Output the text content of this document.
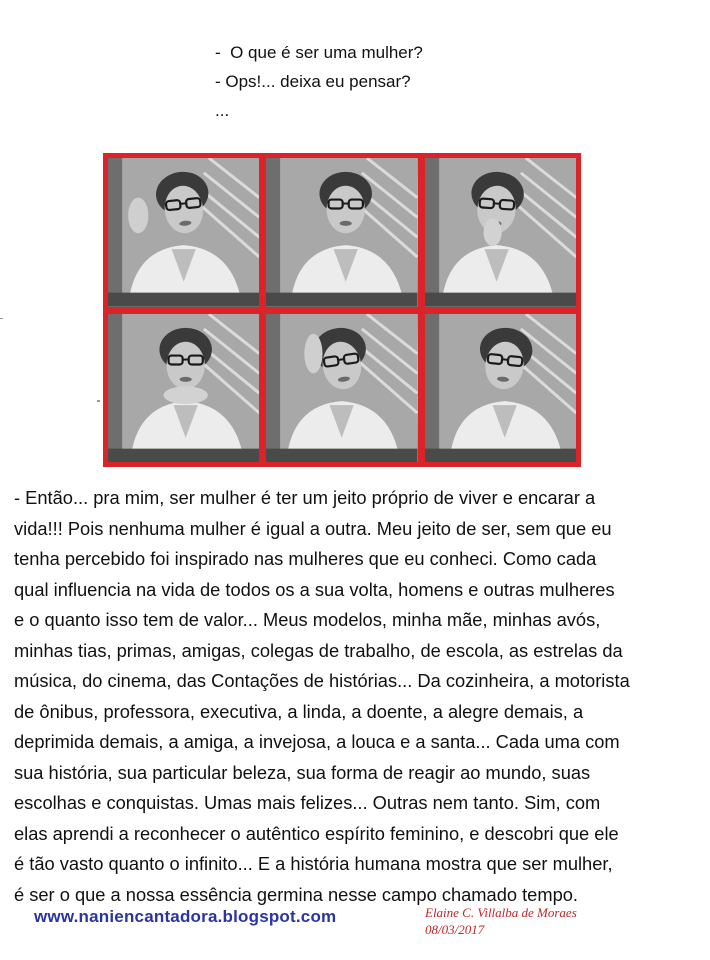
-  O que é ser uma mulher?
- Ops!... deixa eu pensar?
...
- Então... pra mim, ser mulher é ter um jeito próprio de viver e encarar a
vida!!! Pois nenhuma mulher é igual a outra. Meu jeito de ser, sem que eu
tenha percebido foi inspirado nas mulheres que eu conheci. Como cada
qual influencia na vida de todos os a sua volta, homens e outras mulheres
e o quanto isso tem de valor... Meus modelos, minha mãe, minhas avós,
minhas tias, primas, amigas, colegas de trabalho, de escola, as estrelas da
música, do cinema, das Contações de histórias... Da cozinheira, a motorista
de ônibus, professora, executiva, a linda, a doente, a alegre demais, a
deprimida demais, a amiga, a invejosa, a louca e a santa... Cada uma com
sua história, sua particular beleza, sua forma de reagir ao mundo, suas
escolhas e conquistas. Umas mais felizes... Outras nem tanto. Sim, com
elas aprendi a reconhecer o autêntico espírito feminino, e descobri que ele
é tão vasto quanto o infinito... E a história humana mostra que ser mulher,
é ser o que a nossa essência germina nesse campo chamado tempo.
www.naniencantadora.blogspot.com	Elaine C. Villalba de Moraes
08/03/2017
